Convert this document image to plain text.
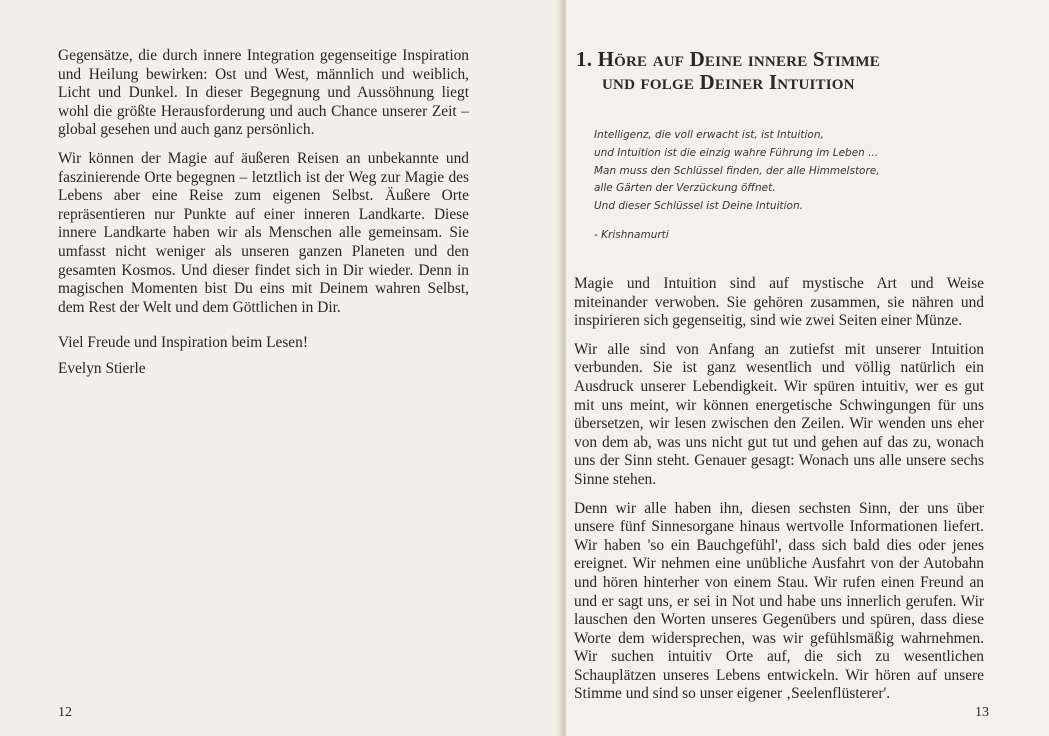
Gegensätze, die durch innere Integration gegenseitige Inspiration und Heilung bewirken: Ost und West, männlich und weiblich, Licht und Dunkel. In dieser Begegnung und Aussöhnung liegt wohl die größte Herausforderung und auch Chance unserer Zeit – global gesehen und auch ganz persönlich.

Wir können der Magie auf äußeren Reisen an unbekannte und faszinierende Orte begegnen – letztlich ist der Weg zur Magie des Lebens aber eine Reise zum eigenen Selbst. Äußere Orte repräsentieren nur Punkte auf einer inneren Landkarte. Diese innere Landkarte haben wir als Menschen alle gemeinsam. Sie umfasst nicht weniger als unseren ganzen Planeten und den gesamten Kosmos. Und dieser findet sich in Dir wieder. Denn in magischen Momenten bist Du eins mit Deinem wahren Selbst, dem Rest der Welt und dem Göttlichen in Dir.

Viel Freude und Inspiration beim Lesen!

Evelyn Stierle

12
1. Höre auf Deine innere Stimme
und folge Deiner Intuition
Intelligenz, die voll erwacht ist, ist Intuition,
und Intuition ist die einzig wahre Führung im Leben ...
Man muss den Schlüssel finden, der alle Himmelstore,
alle Gärten der Verzückung öffnet.
Und dieser Schlüssel ist Deine Intuition.
- Krishnamurti

Magie und Intuition sind auf mystische Art und Weise miteinander verwoben. Sie gehören zusammen, sie nähren und inspirieren sich gegenseitig, sind wie zwei Seiten einer Münze.

Wir alle sind von Anfang an zutiefst mit unserer Intuition verbunden. Sie ist ganz wesentlich und völlig natürlich ein Ausdruck unserer Lebendigkeit. Wir spüren intuitiv, wer es gut mit uns meint, wir können energetische Schwingungen für uns übersetzen, wir lesen zwischen den Zeilen. Wir wenden uns eher von dem ab, was uns nicht gut tut und gehen auf das zu, wonach uns der Sinn steht. Genauer gesagt: Wonach uns alle unsere sechs Sinne stehen.

Denn wir alle haben ihn, diesen sechsten Sinn, der uns über unsere fünf Sinnesorgane hinaus wertvolle Informationen liefert. Wir haben 'so ein Bauchgefühl', dass sich bald dies oder jenes ereignet. Wir nehmen eine unübliche Ausfahrt von der Autobahn und hören hinterher von einem Stau. Wir rufen einen Freund an und er sagt uns, er sei in Not und habe uns innerlich gerufen. Wir lauschen den Worten unseres Gegenübers und spüren, dass diese Worte dem widersprechen, was wir gefühlsmäßig wahrnehmen. Wir suchen intuitiv Orte auf, die sich zu wesentlichen Schauplätzen unseres Lebens entwickeln. Wir hören auf unsere Stimme und sind so unser eigener ‚Seelenflüsterer'.

13
